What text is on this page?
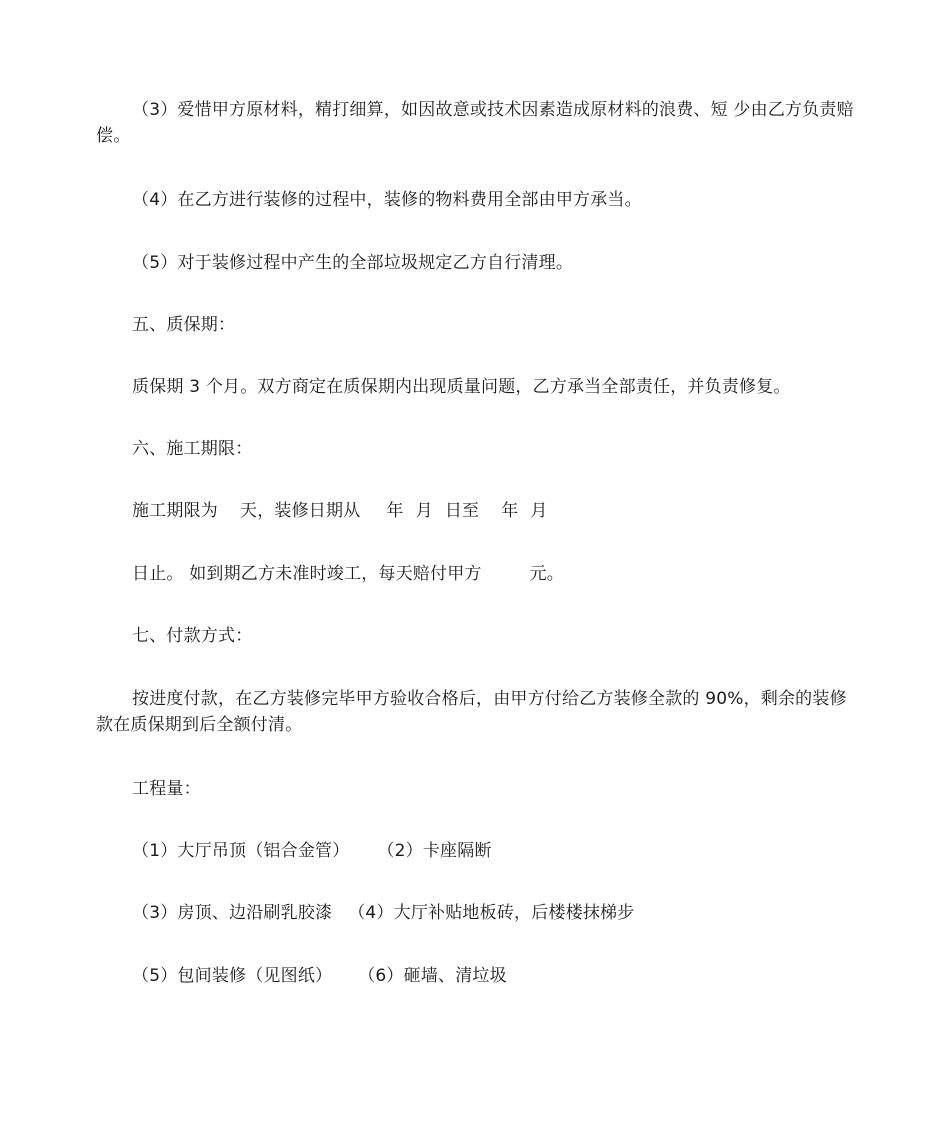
（3）爱惜甲方原材料，精打细算，如因故意或技术因素造成原材料的浪费、短 少由乙方负责赔偿。
（4）在乙方进行装修的过程中，装修的物料费用全部由甲方承当。
（5）对于装修过程中产生的全部垃圾规定乙方自行清理。
五、质保期：
质保期 3 个月。双方商定在质保期内出现质量问题，乙方承当全部责任，并负责修复。
六、施工期限：
施工期限为 天，装修日期从 年 月 日至 年 月
日止。 如到期乙方未准时竣工，每天赔付甲方	元。
七、付款方式：
按进度付款，在乙方装修完毕甲方验收合格后，由甲方付给乙方装修全款的 90%，剩余的装修款在质保期到后全额付清。
工程量：
（1）大厅吊顶（铝合金管） （2）卡座隔断
（3）房顶、边沿刷乳胶漆 （4）大厅补贴地板砖，后楼楼抹梯步
（5）包间装修（见图纸） （6）砸墙、清垃圾
